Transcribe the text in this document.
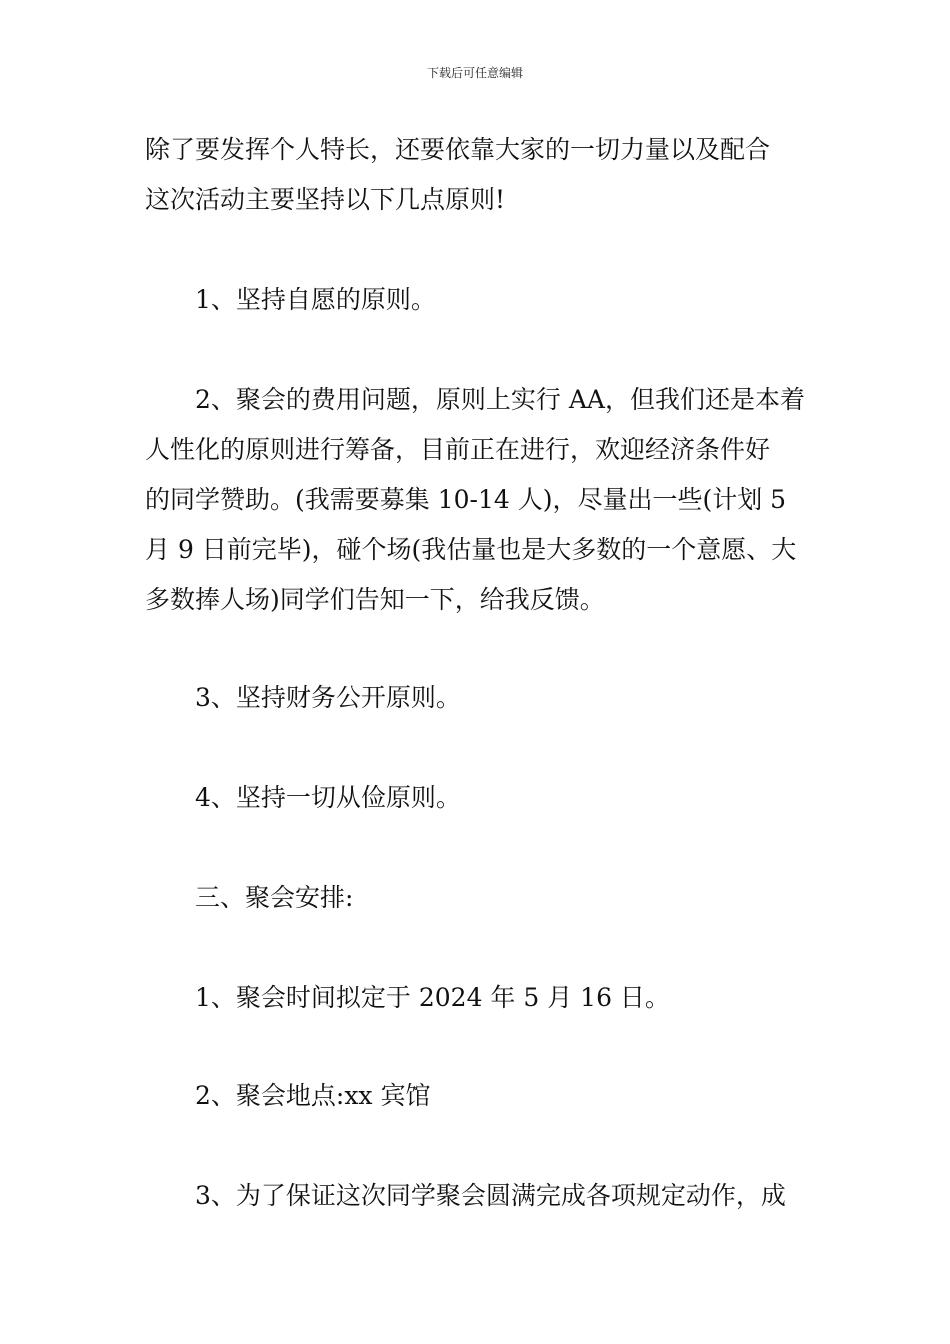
下载后可任意编辑
除了要发挥个人特长，还要依靠大家的一切力量以及配合
这次活动主要坚持以下几点原则!
1、坚持自愿的原则。
2、聚会的费用问题，原则上实行 AA，但我们还是本着
人性化的原则进行筹备，目前正在进行，欢迎经济条件好
的同学赞助。(我需要募集 10-14 人)，尽量出一些(计划 5
月 9 日前完毕)，碰个场(我估量也是大多数的一个意愿、大
多数捧人场)同学们告知一下，给我反馈。
3、坚持财务公开原则。
4、坚持一切从俭原则。
三、聚会安排:
1、聚会时间拟定于 2024 年 5 月 16 日。
2、聚会地点:xx 宾馆
3、为了保证这次同学聚会圆满完成各项规定动作，成
